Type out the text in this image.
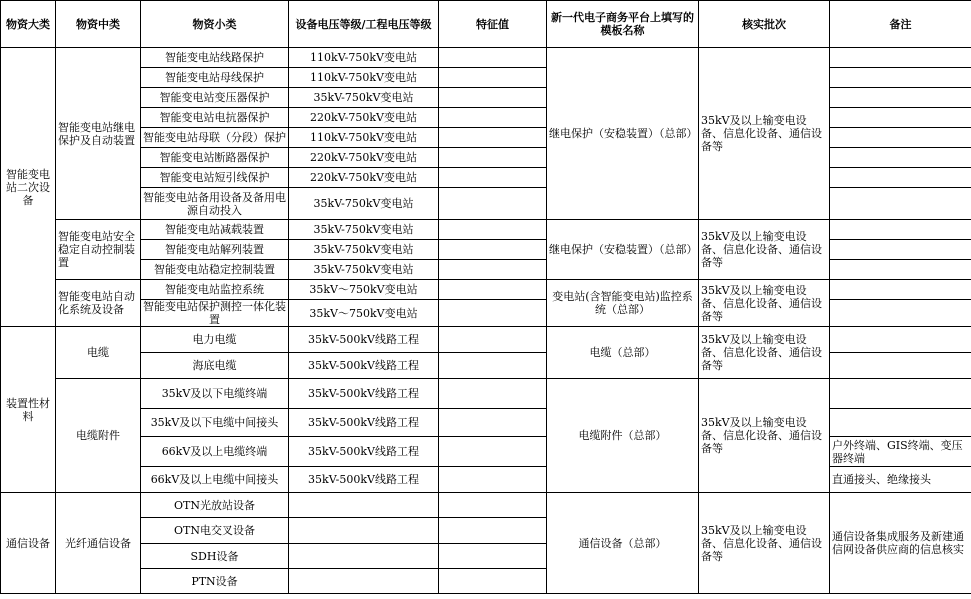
物资大类	物资中类	物资小类	设备电压等级/工程电压等级	特征值	新一代电子商务平台上填写的模板名称	核实批次	备注
智能变电站二次设备	智能变电站继电保护及自动装置	智能变电站线路保护	110kV-750kV变电站		继电保护（安稳装置）（总部）	35kV及以上输变电设备、信息化设备、通信设备等	
		智能变电站母线保护	110kV-750kV变电站				
		智能变电站变压器保护	35kV-750kV变电站				
		智能变电站电抗器保护	220kV-750kV变电站				
		智能变电站母联（分段）保护	110kV-750kV变电站				
		智能变电站断路器保护	220kV-750kV变电站				
		智能变电站短引线保护	220kV-750kV变电站				
		智能变电站备用设备及备用电源自动投入	35kV-750kV变电站				
	智能变电站安全稳定自动控制装置	智能变电站减载装置	35kV-750kV变电站		继电保护（安稳装置）（总部）	35kV及以上输变电设备、信息化设备、通信设备等	
		智能变电站解列装置	35kV-750kV变电站				
		智能变电站稳定控制装置	35kV-750kV变电站				
	智能变电站自动化系统及设备	智能变电站监控系统	35kV～750kV变电站		变电站(含智能变电站)监控系统（总部）	35kV及以上输变电设备、信息化设备、通信设备等	
		智能变电站保护测控一体化装置	35kV～750kV变电站				
装置性材料	电缆	电力电缆	35kV-500kV线路工程		电缆（总部）	35kV及以上输变电设备、信息化设备、通信设备等	
		海底电缆	35kV-500kV线路工程				
	电缆附件	35kV及以下电缆终端	35kV-500kV线路工程		电缆附件（总部）	35kV及以上输变电设备、信息化设备、通信设备等	
		35kV及以下电缆中间接头	35kV-500kV线路工程				
		66kV及以上电缆终端	35kV-500kV线路工程				户外终端、GIS终端、变压器终端
		66kV及以上电缆中间接头	35kV-500kV线路工程				直通接头、绝缘接头
通信设备	光纤通信设备	OTN光放站设备			通信设备（总部）	35kV及以上输变电设备、信息化设备、通信设备等	通信设备集成服务及新建通信网设备供应商的信息核实
		OTN电交叉设备					
		SDH设备					
		PTN设备					
